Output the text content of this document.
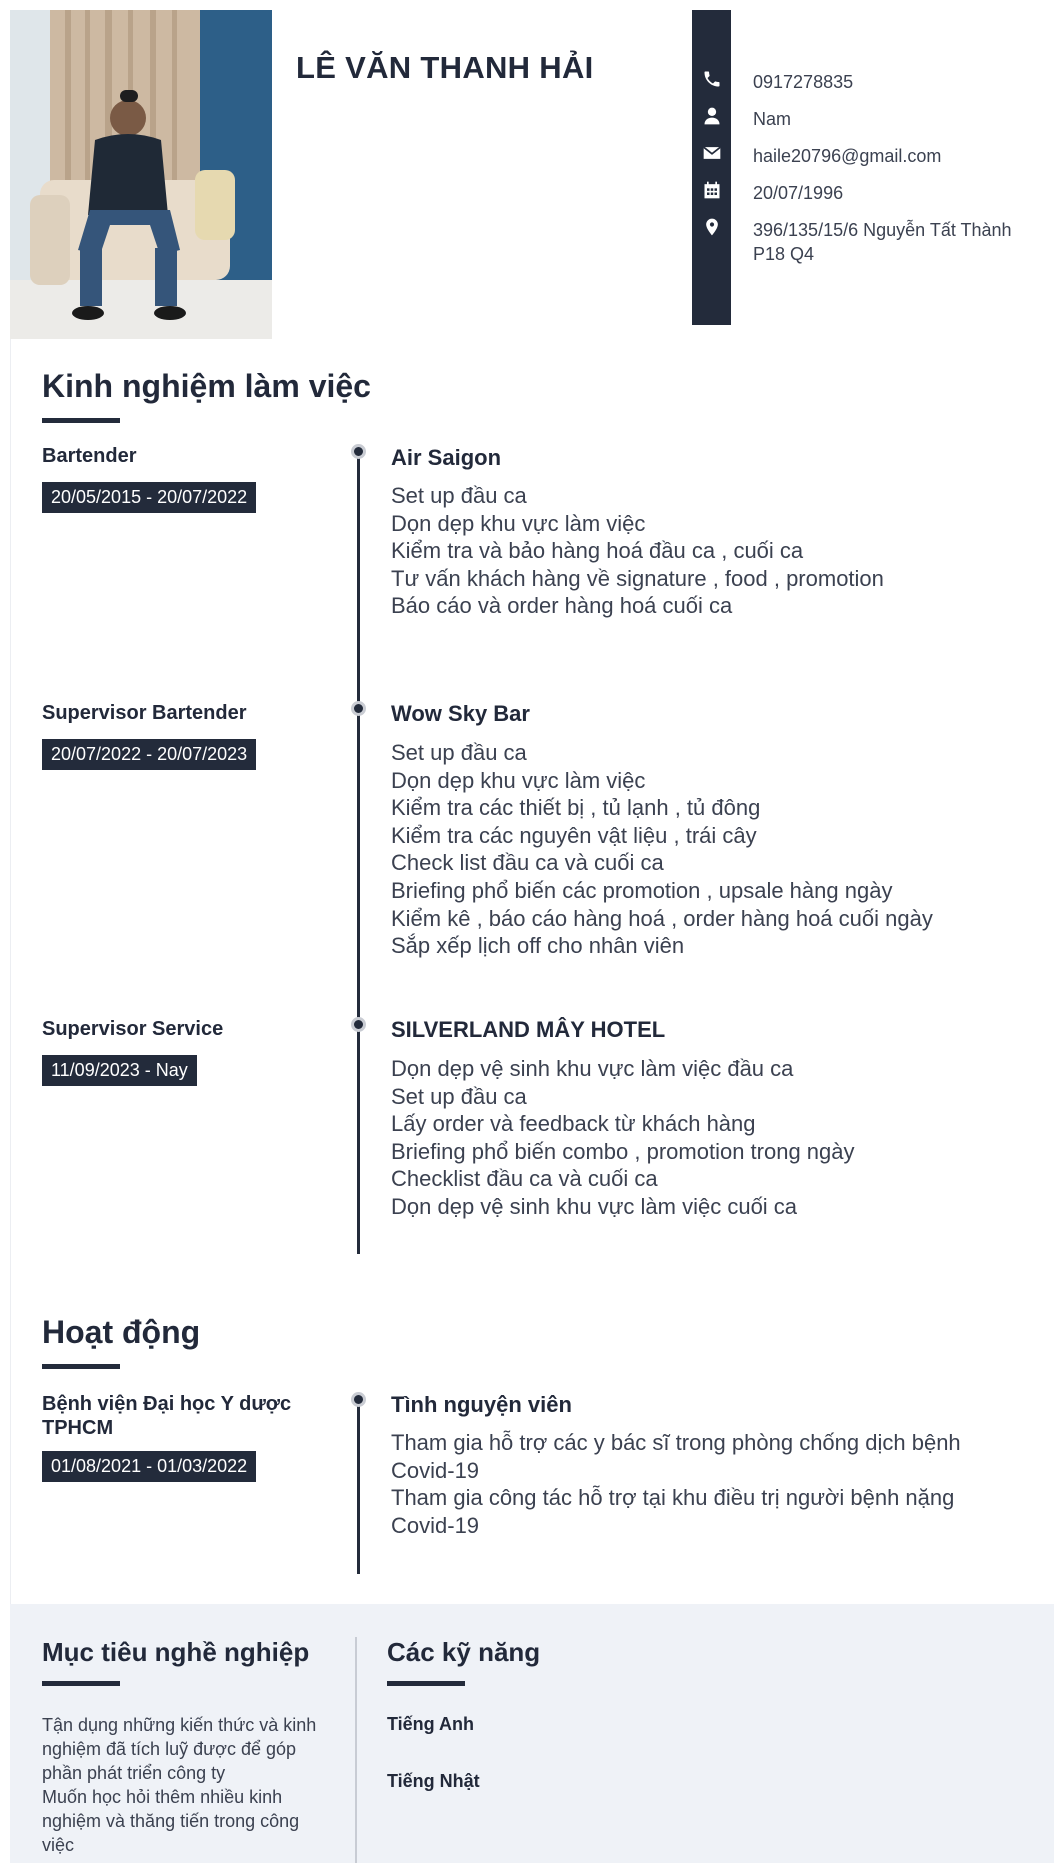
LÊ VĂN THANH HẢI	0917278835
Nam
haile20796@gmail.com
20/07/1996
396/135/15/6 Nguyễn Tất Thành P18 Q4
Kinh nghiệm làm việc
Bartender
20/05/2015 - 20/07/2022
Air Saigon
Set up đầu ca
Dọn dẹp khu vực làm việc
Kiểm tra và bảo hàng hoá đầu ca , cuối ca
Tư vấn khách hàng về signature , food , promotion
Báo cáo và order hàng hoá cuối ca
Supervisor Bartender
20/07/2022 - 20/07/2023
Wow Sky Bar
Set up đầu ca
Dọn dẹp khu vực làm việc
Kiểm tra các thiết bị , tủ lạnh , tủ đông
Kiểm tra các nguyên vật liệu , trái cây
Check list đầu ca và cuối ca
Briefing phổ biến các promotion , upsale hàng ngày
Kiểm kê , báo cáo hàng hoá , order hàng hoá cuối ngày
Sắp xếp lịch off cho nhân viên
Supervisor Service
11/09/2023 - Nay
SILVERLAND MÂY HOTEL
Dọn dẹp vệ sinh khu vực làm việc đầu ca
Set up đầu ca
Lấy order và feedback từ khách hàng
Briefing phổ biến combo , promotion trong ngày
Checklist đầu ca và cuối ca
Dọn dẹp vệ sinh khu vực làm việc cuối ca
Hoạt động
Bệnh viện Đại học Y dược TPHCM
01/08/2021 - 01/03/2022
Tình nguyện viên
Tham gia hỗ trợ các y bác sĩ trong phòng chống dịch bệnh Covid-19
Tham gia công tác hỗ trợ tại khu điều trị người bệnh nặng Covid-19
Mục tiêu nghề nghiệp
Tận dụng những kiến thức và kinh nghiệm đã tích luỹ được để góp phần phát triển công ty
Muốn học hỏi thêm nhiều kinh nghiệm và thăng tiến trong công việc
Các kỹ năng
Tiếng Anh
Tiếng Nhật
